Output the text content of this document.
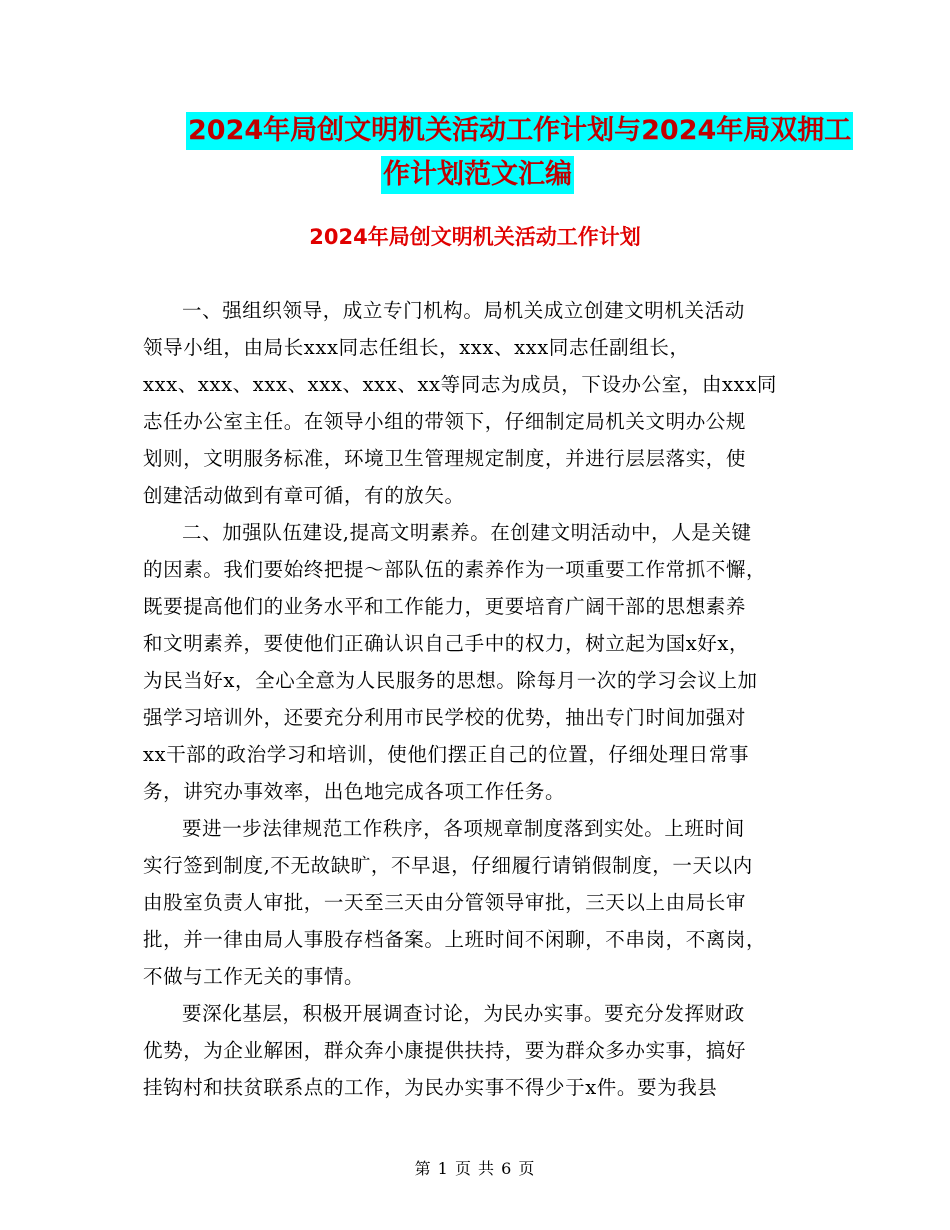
2024年局创文明机关活动工作计划与2024年局双拥工
作计划范文汇编
2024年局创文明机关活动工作计划
一、强组织领导，成立专门机构。局机关成立创建文明机关活动
领导小组，由局长xxx同志任组长，xxx、xxx同志任副组长，
xxx、xxx、xxx、xxx、xxx、xx等同志为成员，下设办公室，由xxx同
志任办公室主任。在领导小组的带领下，仔细制定局机关文明办公规
划则，文明服务标准，环境卫生管理规定制度，并进行层层落实，使
创建活动做到有章可循，有的放矢。
二、加强队伍建设,提高文明素养。在创建文明活动中，人是关键
的因素。我们要始终把提～部队伍的素养作为一项重要工作常抓不懈，
既要提高他们的业务水平和工作能力，更要培育广阔干部的思想素养
和文明素养，要使他们正确认识自己手中的权力，树立起为国x好x，
为民当好x，全心全意为人民服务的思想。除每月一次的学习会议上加
强学习培训外，还要充分利用市民学校的优势，抽出专门时间加强对
xx干部的政治学习和培训，使他们摆正自己的位置，仔细处理日常事
务，讲究办事效率，出色地完成各项工作任务。
要进一步法律规范工作秩序，各项规章制度落到实处。上班时间
实行签到制度,不无故缺旷，不早退，仔细履行请销假制度，一天以内
由股室负责人审批，一天至三天由分管领导审批，三天以上由局长审
批，并一律由局人事股存档备案。上班时间不闲聊，不串岗，不离岗，
不做与工作无关的事情。
要深化基层，积极开展调查讨论，为民办实事。要充分发挥财政
优势，为企业解困，群众奔小康提供扶持，要为群众多办实事，搞好
挂钩村和扶贫联系点的工作，为民办实事不得少于x件。要为我县
第 1 页 共 6 页
